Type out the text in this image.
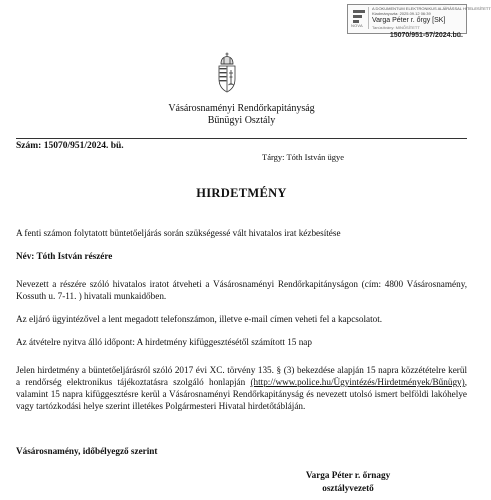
NOVA
A DOKUMENTUM ELEKTRONIKUS ALÁÍRÁSSAL HITELESÍTETT
Kiadmányozta: 2025.09.12 06:39
Varga Péter r. őrgy [SK]
Tanúsítvány: MINŐSÍTETT
15070/951-57/2024.bü.
Vásárosnaményi Rendőrkapitányság
Bűnügyi Osztály
Szám: 15070/951/2024. bü.
Tárgy: Tóth István ügye
HIRDETMÉNY
A fenti számon folytatott büntetőeljárás során szükségessé vált hivatalos irat kézbesítése
Név: Tóth István részére
Nevezett a részére szóló hivatalos iratot átveheti a Vásárosnaményi Rendőrkapitányságon (cím: 4800 Vásárosnamény, Kossuth u. 7-11. ) hivatali munkaidőben.
Az eljáró ügyintézővel a lent megadott telefonszámon, illetve e-mail címen veheti fel a kapcsolatot.
Az átvételre nyitva álló időpont: A hirdetmény kifüggesztésétől számított 15 nap
Jelen hirdetmény a büntetőeljárásról szóló 2017 évi XC. törvény 135. § (3) bekezdése alapján 15 napra közzétételre kerül a rendőrség elektronikus tájékoztatásra szolgáló honlapján (http://www.police.hu/Ügyintézés/Hirdetmények/Bűnügy), valamint 15 napra kifüggesztésre kerül a Vásárosnaményi Rendőrkapitányság és nevezett utolsó ismert belföldi lakóhelye vagy tartózkodási helye szerint illetékes Polgármesteri Hivatal hirdetőtábláján.
Vásárosnamény, időbélyegző szerint
Varga Péter r. őrnagy
osztályvezető
